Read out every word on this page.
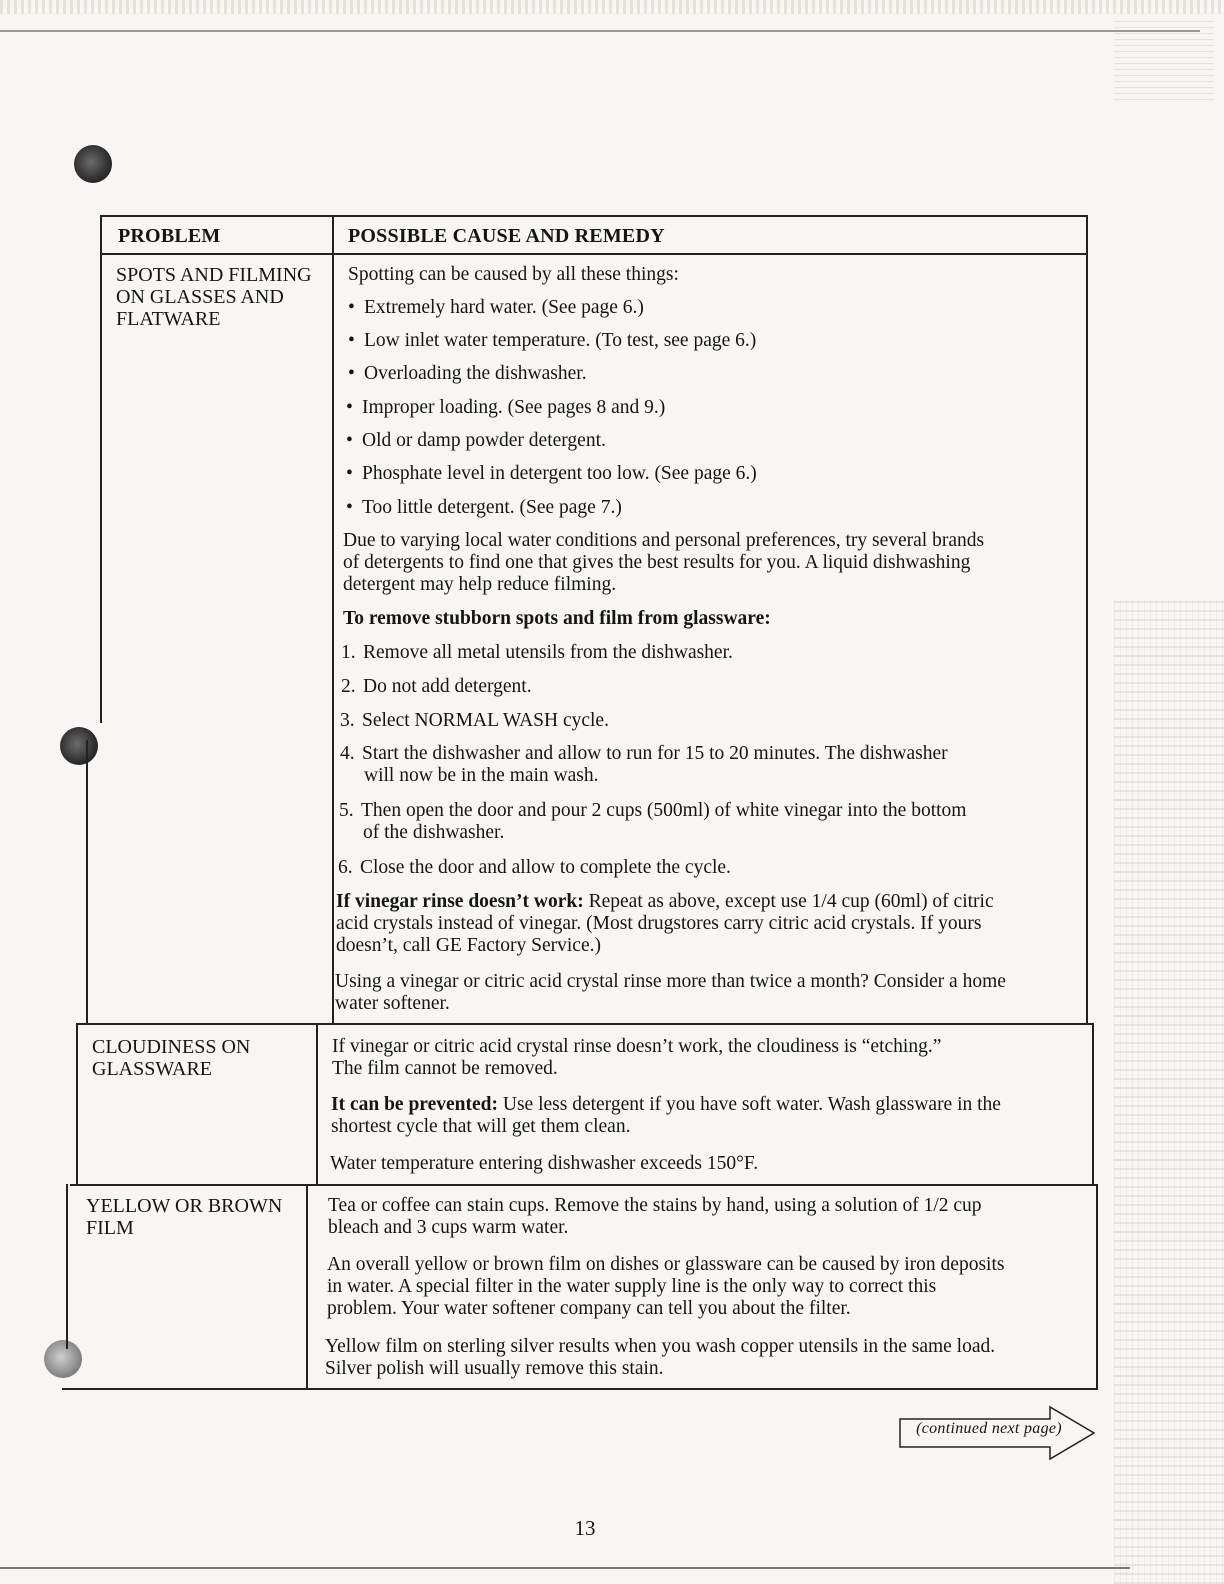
PROBLEM	POSSIBLE CAUSE AND REMEDY
SPOTS AND FILMING
ON GLASSES AND
FLATWARE
Spotting can be caused by all these things:
• Extremely hard water. (See page 6.)
• Low inlet water temperature. (To test, see page 6.)
• Overloading the dishwasher.
• Improper loading. (See pages 8 and 9.)
• Old or damp powder detergent.
• Phosphate level in detergent too low. (See page 6.)
• Too little detergent. (See page 7.)
Due to varying local water conditions and personal preferences, try several brands
of detergents to find one that gives the best results for you. A liquid dishwashing
detergent may help reduce filming.
To remove stubborn spots and film from glassware:
1. Remove all metal utensils from the dishwasher.
2. Do not add detergent.
3. Select NORMAL WASH cycle.
4. Start the dishwasher and allow to run for 15 to 20 minutes. The dishwasher
will now be in the main wash.
5. Then open the door and pour 2 cups (500ml) of white vinegar into the bottom
of the dishwasher.
6. Close the door and allow to complete the cycle.
If vinegar rinse doesn’t work: Repeat as above, except use 1/4 cup (60ml) of citric
acid crystals instead of vinegar. (Most drugstores carry citric acid crystals. If yours
doesn’t, call GE Factory Service.)
Using a vinegar or citric acid crystal rinse more than twice a month? Consider a home
water softener.
CLOUDINESS ON
GLASSWARE
If vinegar or citric acid crystal rinse doesn’t work, the cloudiness is “etching.”
The film cannot be removed.
It can be prevented: Use less detergent if you have soft water. Wash glassware in the
shortest cycle that will get them clean.
Water temperature entering dishwasher exceeds 150°F.
YELLOW OR BROWN
FILM
Tea or coffee can stain cups. Remove the stains by hand, using a solution of 1/2 cup
bleach and 3 cups warm water.
An overall yellow or brown film on dishes or glassware can be caused by iron deposits
in water. A special filter in the water supply line is the only way to correct this
problem. Your water softener company can tell you about the filter.
Yellow film on sterling silver results when you wash copper utensils in the same load.
Silver polish will usually remove this stain.
(continued next page)
13
